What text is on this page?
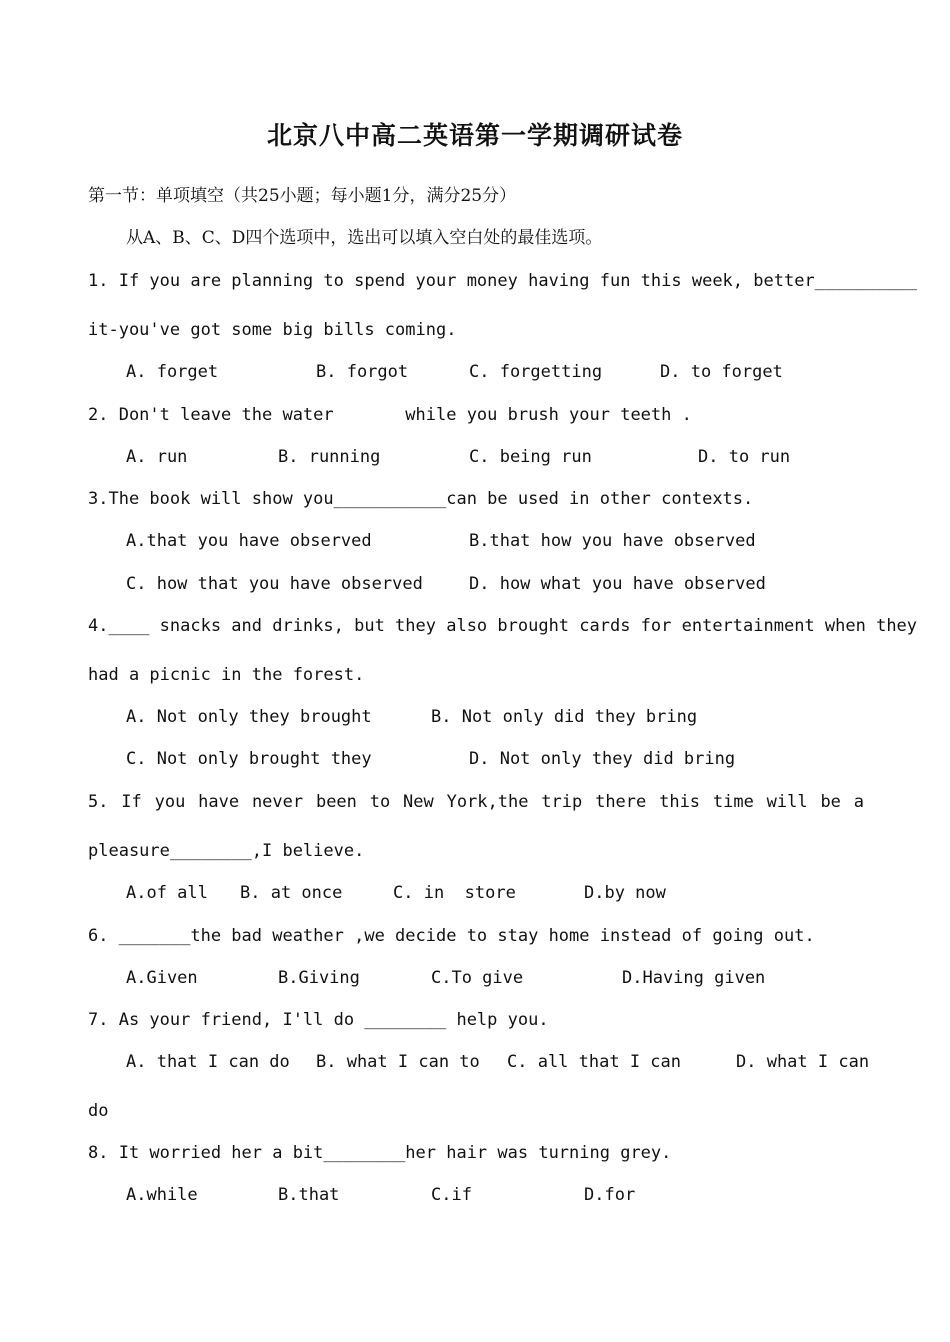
北京八中高二英语第一学期调研试卷
第一节：单项填空（共25小题；每小题1分，满分25分）
从A、B、C、D四个选项中，选出可以填入空白处的最佳选项。
1. If you are planning to spend your money having fun this week, better__________
it-you've got some big bills coming.
A. forget	B. forgot	C. forgetting	D. to forget
2. Don't leave the water       while you brush your teeth .
A. run	B. running	C. being run	D. to run
3.The book will show you___________can be used in other contexts.
A.that you have observed	B.that how you have observed
C. how that you have observed	D. how what you have observed
4.____ snacks and drinks, but they also brought cards for entertainment when they
had a picnic in the forest.
A. Not only they brought	B. Not only did they bring
C. Not only brought they	D. Not only they did bring
5. If you have never been to New York,the trip there this time will be a
pleasure________,I believe.
A.of all B. at once	C. in  store	D.by now
6. _______the bad weather ,we decide to stay home instead of going out.
A.Given	B.Giving	C.To give	D.Having given
7. As your friend, I'll do ________ help you.
A. that I can do B. what I can to C. all that I can	D. what I can
do
8. It worried her a bit________her hair was turning grey.
A.while	B.that	C.if	D.for
